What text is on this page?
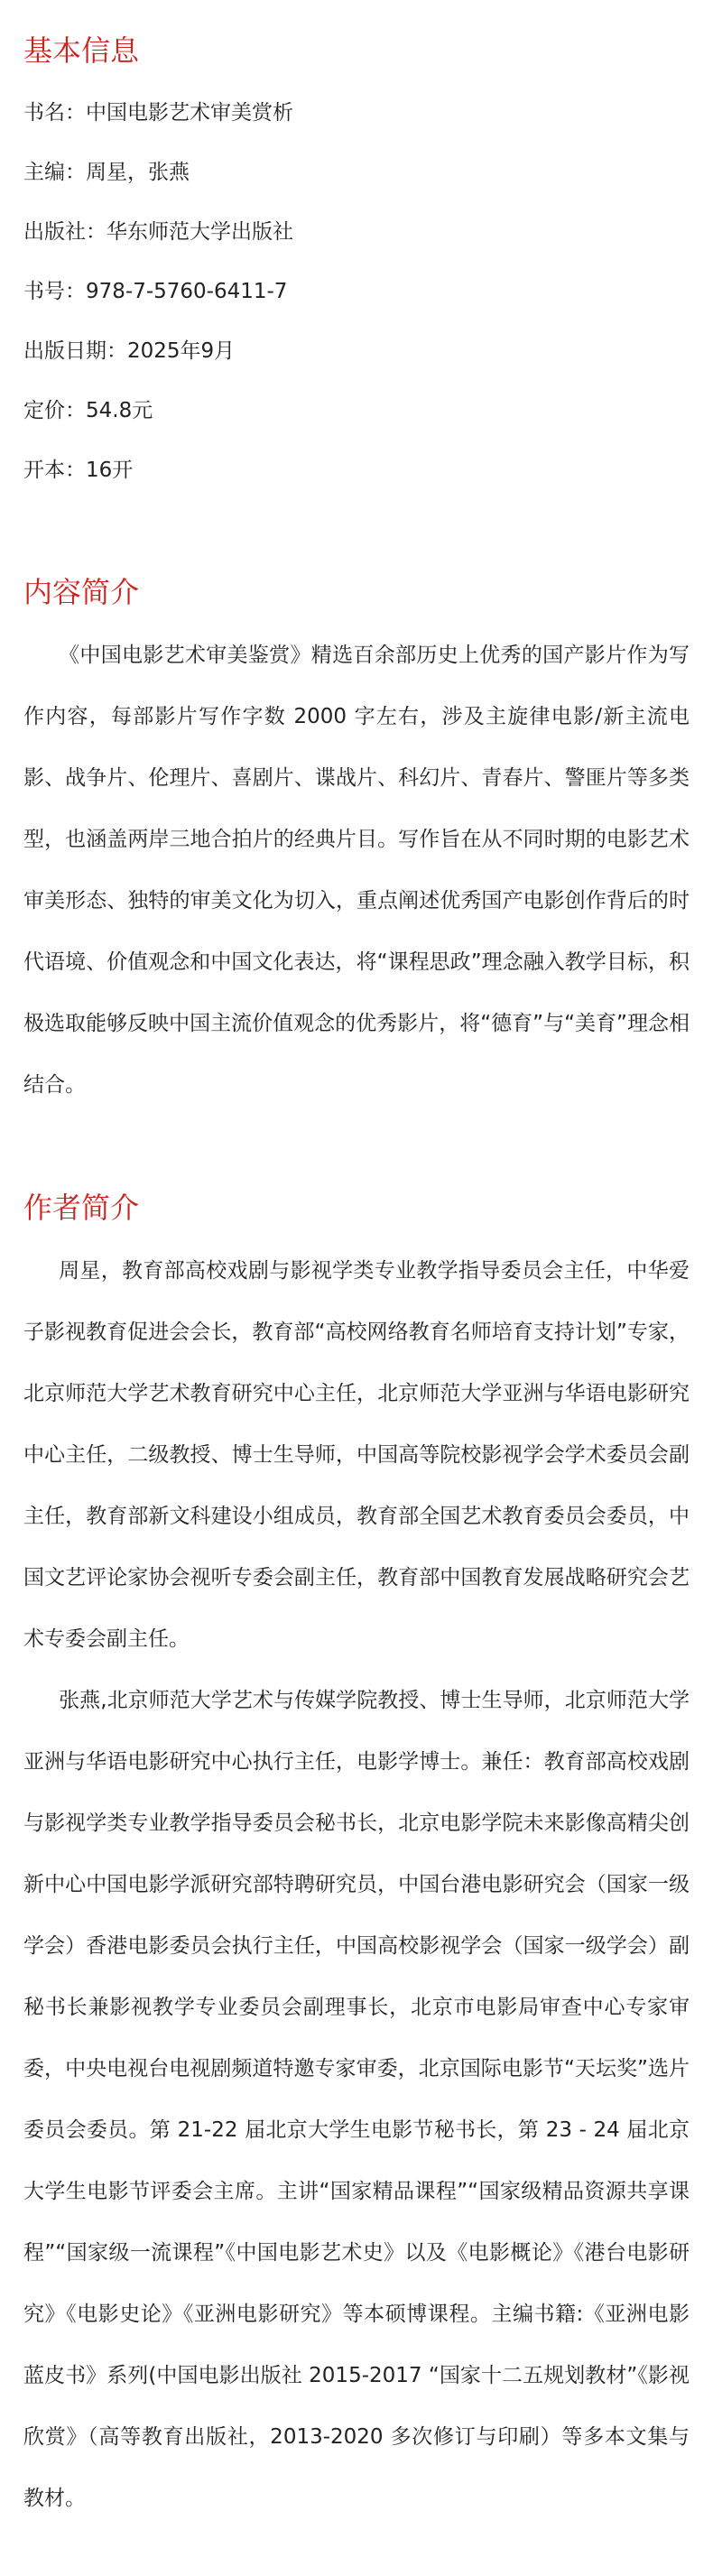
基本信息
书名：中国电影艺术审美赏析
主编：周星，张燕
出版社：华东师范大学出版社
书号：978-7-5760-6411-7
出版日期：2025年9月
定价：54.8元
开本：16开
内容简介

《中国电影艺术审美鉴赏》精选百余部历史上优秀的国产影片作为写作内容，每部影片写作字数 2000 字左右，涉及主旋律电影/新主流电影、战争片、伦理片、喜剧片、谍战片、科幻片、青春片、警匪片等多类型，也涵盖两岸三地合拍片的经典片目。写作旨在从不同时期的电影艺术审美形态、独特的审美文化为切入，重点阐述优秀国产电影创作背后的时代语境、价值观念和中国文化表达，将“课程思政”理念融入教学目标，积极选取能够反映中国主流价值观念的优秀影片，将“德育”与“美育”理念相结合。

作者简介

周星，教育部高校戏剧与影视学类专业教学指导委员会主任，中华爱子影视教育促进会会长，教育部“高校网络教育名师培育支持计划”专家，北京师范大学艺术教育研究中心主任，北京师范大学亚洲与华语电影研究中心主任，二级教授、博士生导师，中国高等院校影视学会学术委员会副主任，教育部新文科建设小组成员，教育部全国艺术教育委员会委员，中国文艺评论家协会视听专委会副主任，教育部中国教育发展战略研究会艺术专委会副主任。

张燕,北京师范大学艺术与传媒学院教授、博士生导师，北京师范大学亚洲与华语电影研究中心执行主任，电影学博士。兼任：教育部高校戏剧与影视学类专业教学指导委员会秘书长，北京电影学院未来影像高精尖创新中心中国电影学派研究部特聘研究员，中国台港电影研究会（国家一级学会）香港电影委员会执行主任，中国高校影视学会（国家一级学会）副秘书长兼影视教学专业委员会副理事长，北京市电影局审查中心专家审委，中央电视台电视剧频道特邀专家审委，北京国际电影节“天坛奖”选片委员会委员。第 21-22 届北京大学生电影节秘书长，第 23 - 24 届北京大学生电影节评委会主席。主讲“国家精品课程”“国家级精品资源共享课程”“国家级一流课程”《中国电影艺术史》以及《电影概论》《港台电影研究》《电影史论》《亚洲电影研究》等本硕博课程。主编书籍:《亚洲电影蓝皮书》系列(中国电影出版社 2015-2017 “国家十二五规划教材”《影视欣赏》（高等教育出版社，2013-2020 多次修订与印刷）等多本文集与教材。
